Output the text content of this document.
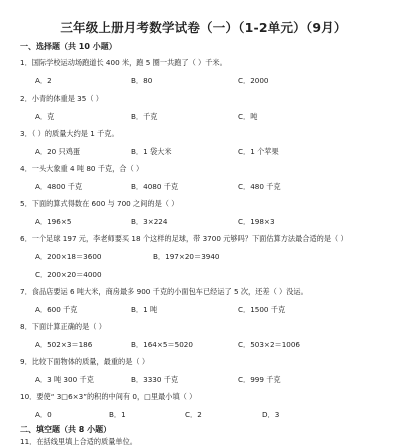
三年级上册月考数学试卷（一）（1-2单元）（9月）
一、选择题（共 10 小题）
1．国际学校运动场跑道长 400 米，跑 5 圈一共跑了（ ）千米。
A．2	B．80	C．2000
2．小青的体重是 35（ ）
A．克	B．千克	C．吨
3．（ ）的质量大约是 1 千克。
A．20 只鸡蛋	B．1 袋大米	C．1 个苹果
4．一头大象重 4 吨 80 千克，合（ ）
A．4800 千克	B．4080 千克	C．480 千克
5．下面的算式得数在 600 与 700 之间的是（ ）
A．196×5	B．3×224	C．198×3
6．一个足球 197 元，李老师要买 18 个这样的足球，带 3700 元够吗？下面估算方法最合适的是（ ）
A．200×18＝3600	B．197×20＝3940
C．200×20＝4000
7．食品店要运 6 吨大米，商房最多 900 千克的小面包车已经运了 5 次，还差（ ）没运。
A．600 千克	B．1 吨	C．1500 千克
8．下面计算正确的是（ ）
A．502×3＝186	B．164×5＝5020	C．503×2＝1006
9．比较下面物体的质量，最重的是（ ）
A．3 吨 300 千克	B．3330 千克	C．999 千克
10．要使“ 3□6×3”的积的中间有 0，□里最小填（ ）
A．0	B．1	C．2	D．3
二、填空题（共 8 小题）
11．在括线里填上合适的质量单位。
